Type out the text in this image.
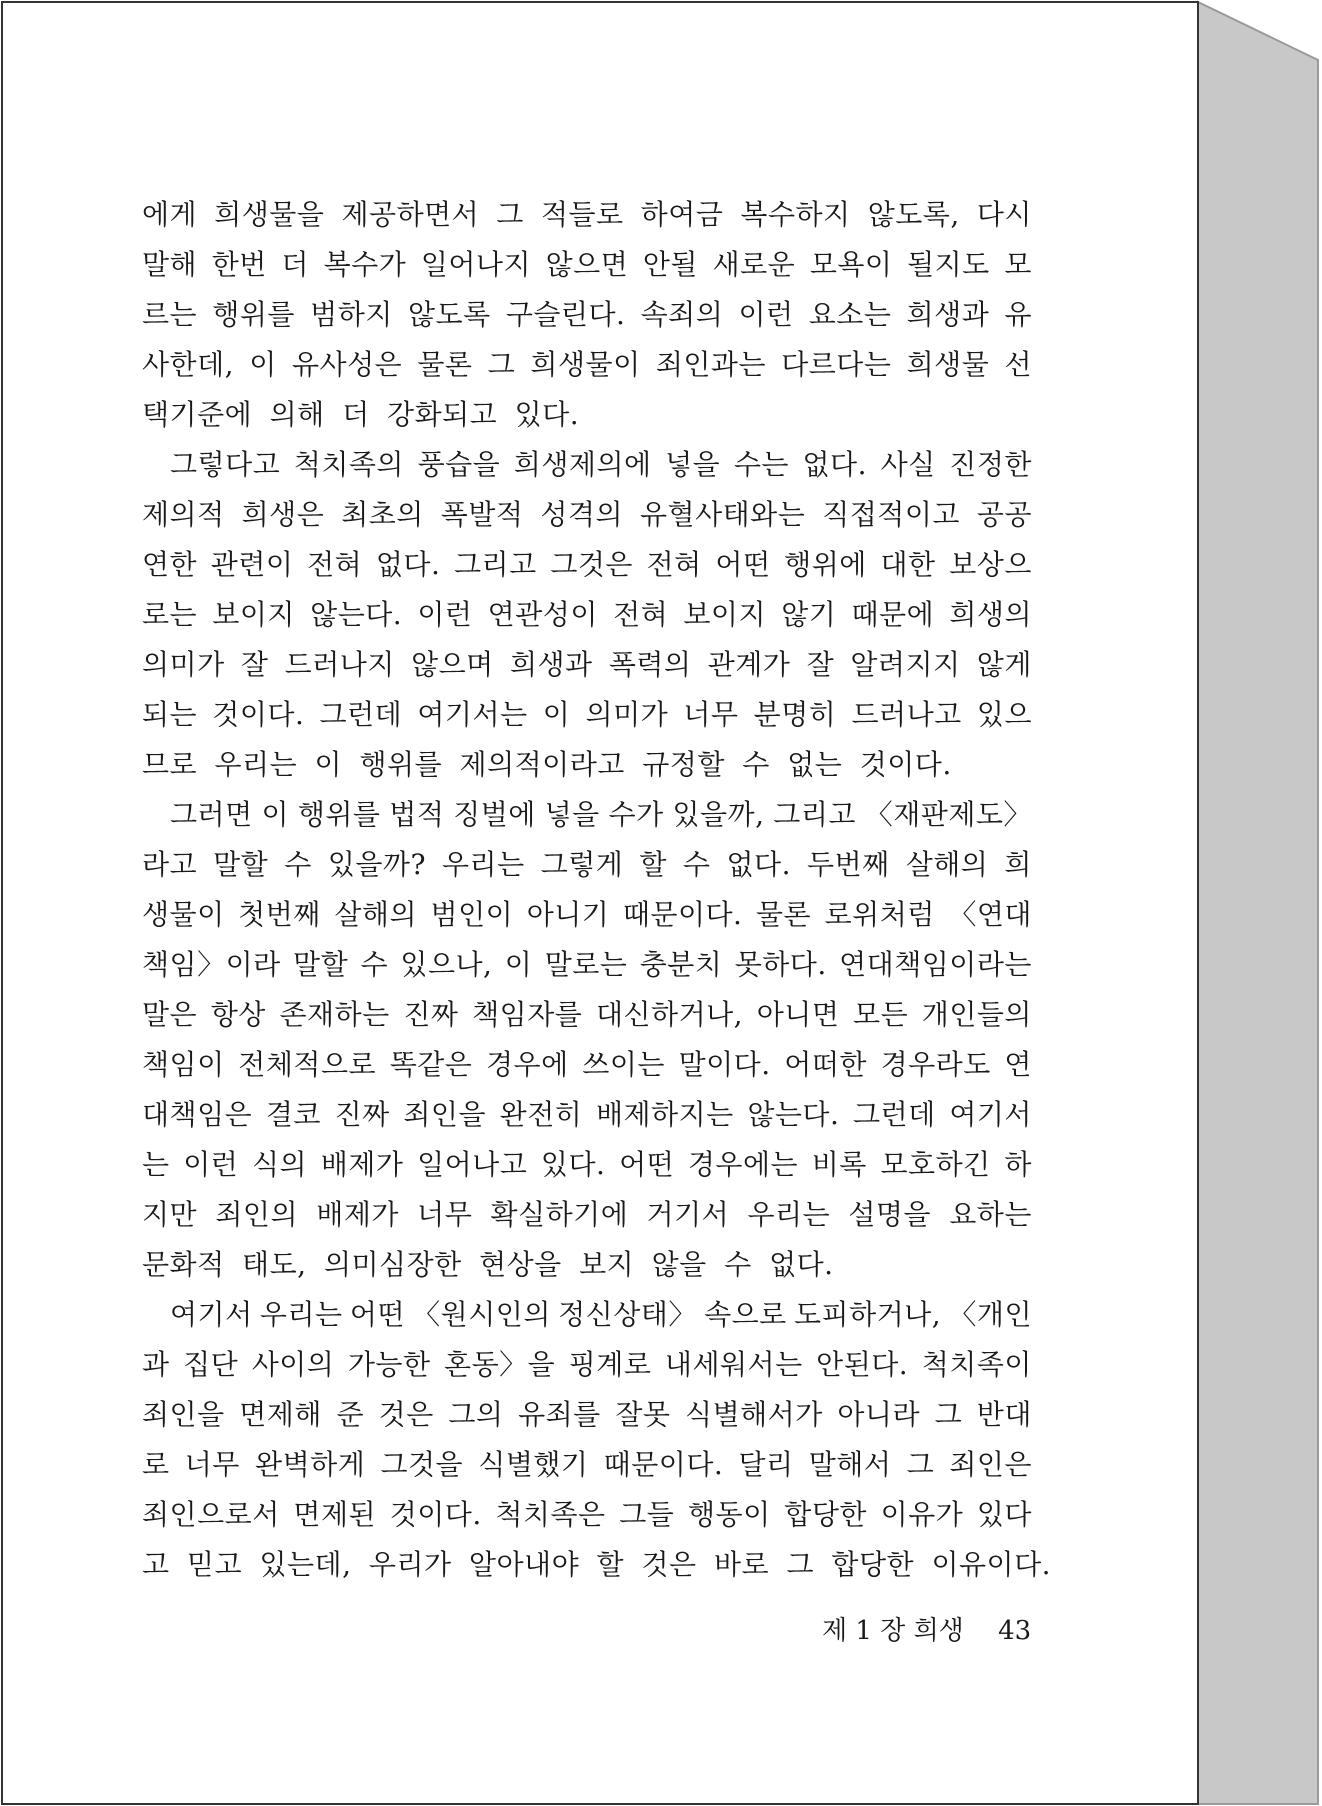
에게 희생물을 제공하면서 그 적들로 하여금 복수하지 않도록, 다시
말해 한번 더 복수가 일어나지 않으면 안될 새로운 모욕이 될지도 모
르는 행위를 범하지 않도록 구슬린다. 속죄의 이런 요소는 희생과 유
사한데, 이 유사성은 물론 그 희생물이 죄인과는 다르다는 희생물 선
택기준에 의해 더 강화되고 있다.
그렇다고 척치족의 풍습을 희생제의에 넣을 수는 없다. 사실 진정한
제의적 희생은 최초의 폭발적 성격의 유혈사태와는 직접적이고 공공
연한 관련이 전혀 없다. 그리고 그것은 전혀 어떤 행위에 대한 보상으
로는 보이지 않는다. 이런 연관성이 전혀 보이지 않기 때문에 희생의
의미가 잘 드러나지 않으며 희생과 폭력의 관계가 잘 알려지지 않게
되는 것이다. 그런데 여기서는 이 의미가 너무 분명히 드러나고 있으
므로 우리는 이 행위를 제의적이라고 규정할 수 없는 것이다.
그러면 이 행위를 법적 징벌에 넣을 수가 있을까, 그리고 〈재판제도〉
라고 말할 수 있을까? 우리는 그렇게 할 수 없다. 두번째 살해의 희
생물이 첫번째 살해의 범인이 아니기 때문이다. 물론 로위처럼 〈연대
책임〉이라 말할 수 있으나, 이 말로는 충분치 못하다. 연대책임이라는
말은 항상 존재하는 진짜 책임자를 대신하거나, 아니면 모든 개인들의
책임이 전체적으로 똑같은 경우에 쓰이는 말이다. 어떠한 경우라도 연
대책임은 결코 진짜 죄인을 완전히 배제하지는 않는다. 그런데 여기서
는 이런 식의 배제가 일어나고 있다. 어떤 경우에는 비록 모호하긴 하
지만 죄인의 배제가 너무 확실하기에 거기서 우리는 설명을 요하는
문화적 태도, 의미심장한 현상을 보지 않을 수 없다.
여기서 우리는 어떤 〈원시인의 정신상태〉 속으로 도피하거나, 〈개인
과 집단 사이의 가능한 혼동〉을 핑계로 내세워서는 안된다. 척치족이
죄인을 면제해 준 것은 그의 유죄를 잘못 식별해서가 아니라 그 반대
로 너무 완벽하게 그것을 식별했기 때문이다. 달리 말해서 그 죄인은
죄인으로서 면제된 것이다. 척치족은 그들 행동이 합당한 이유가 있다
고 믿고 있는데, 우리가 알아내야 할 것은 바로 그 합당한 이유이다.
제 1 장 희생 43
